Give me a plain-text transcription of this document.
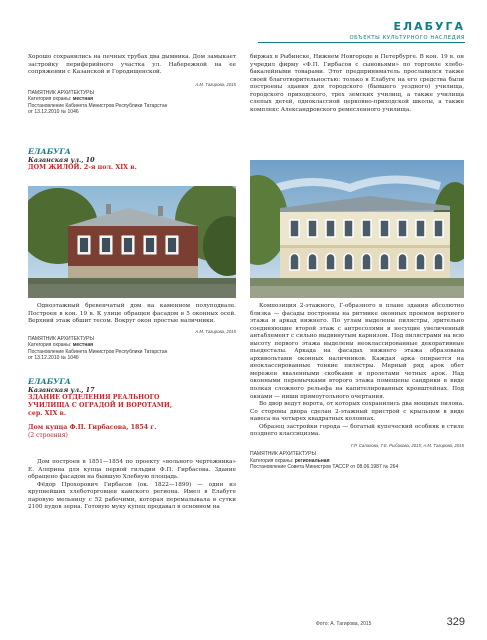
ЕЛАБУГА
ОБЪЕКТЫ КУЛЬТУРНОГО НАСЛЕДИЯ

Хорошо сохранились на печных трубах два дымника. Дом замыкает застройку периферийного участка ул. Набережной на ее сопряжении с Казанской и Городищенской.

А.М. Тагирова, 2015
ПАМЯТНИК АРХИТЕКТУРЫ
Категория охраны: местная
Постановление Кабинета Министров Республики Татарстан
от 13.12.2010 № 1046
ЕЛАБУГА
Казанская ул., 10
ДОМ ЖИЛОЙ. 2-я пол. XIX в.

Одноэтажный бревенчатый дом на каменном полуподвале. Построен в кон. 19 в. К улице обращен фасадом в 5 оконных осей. Верхний этаж обшит тесом. Вокруг окон простые наличники.

А.М. Тагирова, 2015
ПАМЯТНИК АРХИТЕКТУРЫ
Категория охраны: местная
Постановление Кабинета Министров Республики Татарстан
от 13.12.2010 № 1046
ЕЛАБУГА
Казанская ул., 17
ЗДАНИЕ ОТДЕЛЕНИЯ РЕАЛЬНОГО
УЧИЛИЩА С ОГРАДОЙ И ВОРОТАМИ,
сер. XIX в.
Дом купца Ф.П. Гирбасова, 1854 г.
(2 строения)

Дом построен в 1851—1854 по проекту «вольного чертежника» Е. Алприна для купца первой гильдии Ф.П. Гирбасова. Здание обращено фасадом на бывшую Хлебную площадь.

Фёдор Прохорович Гирбасов (ок. 1822—1899) — один из крупнейших хлеботорговцев камского региона. Имел в Елабуге паровую мельницу с 52 рабочими, которая перемалывала в сутки 2100 пудов зерна. Готовую муку купец продавал в основном на

биржах в Рыбинске, Нижнем Новгороде и Петербурге. В кон. 19 в. он учредил фирму «Ф.П. Гирбасов с сыновьями» по торговле хлебо-бакалейными товарами. Этот предприниматель прославился также своей благотворительностью: только в Елабуге на его средства были построены здания для городского (бывшего уездного) училища, городского приходского, трех земских училищ, а также училища слепых детей, одноклассной церковно-приходской школы, а также комплекс Александровского ремесленного училища.

Композиция 2-этажного, Г-образного в плане здания абсолютно близка — фасады построены на ритмике оконных проемов верхнего этажа и аркад нижнего. По углам выделены пилястры, зрительно соединяющие второй этаж с антресолями и несущие увеличенный антаблемент с сильно выдвинутым карнизом. Под пилястрами на всю высоту первого этажа выделены неоклассированные декоративные пьедесталы. Аркада на фасадах нижнего этажа образована архивольтами оконных наличников. Каждая арка опирается на неоклассированные тонкие пилястры. Мерный ряд арок обет мережен вваленными скобками и пролетами четных арок. Над оконными перемычками второго этажа помещены сандрики в виде полкая сложного рельефа на капителированных кронштейнах. Под окнами — ниши прямоугольного очертания.

Во двор ведут ворота, от которых сохранились два мощных пилона. Со стороны двора сделан 2-этажный пристрой с крыльцом в виде навеса на четырех квадратных колоннах.

Образец застройки города — богатый купеческий особняк в стиле позднего классицизма.

Г.Р. Салахова, Т.Е. Рыбакова, 2015; А.М. Тагирова, 2015
ПАМЯТНИК АРХИТЕКТУРЫ
Категория охраны: региональная
Постановление Совета Министров ТАССР от 08.06.1987 № 264
Фото: А. Тагирова, 2015	329
